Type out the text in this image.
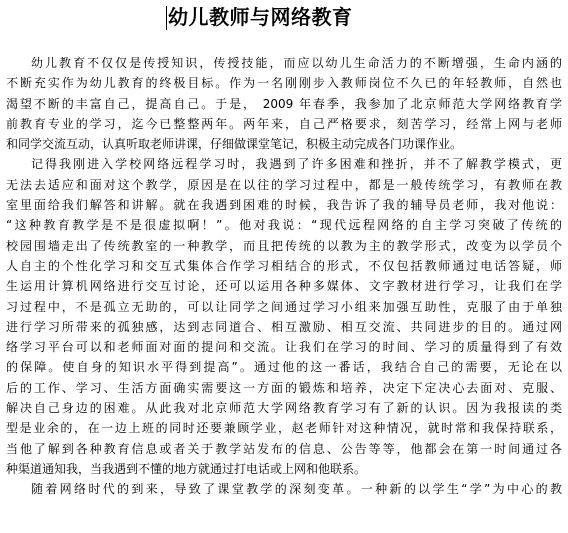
幼儿教师与网络教育
幼儿教育不仅仅是传授知识，传授技能，而应以幼儿生命活力的不断增强，生命内涵的
不断充实作为幼儿教育的终极目标。作为一名刚刚步入教师岗位不久已的年轻教师，自然也
渴望不断的丰富自己，提高自己。于是， 2009 年春季，我参加了北京师范大学网络教育学
前教育专业的学习，迄今已整整两年。两年来，自己严格要求，刻苦学习，经常上网与老师
和同学交流互动，认真听取老师讲课，仔细做课堂笔记，积极主动完成各门功课作业。
记得我刚进入学校网络远程学习时，我遇到了许多困难和挫折，并不了解教学模式，更
无法去适应和面对这个教学，原因是在以往的学习过程中，都是一般传统学习，有教师在教
室里面给我们解答和讲解。就在我遇到困难的时候，我告诉了我的辅导员老师，我对他说：
“这种教育教学是不是很虚拟啊！”。他对我说：“现代远程网络的自主学习突破了传统的
校园围墙走出了传统教室的一种教学，而且把传统的以教为主的教学形式，改变为以学员个
人自主的个性化学习和交互式集体合作学习相结合的形式，不仅包括教师通过电话答疑，师
生运用计算机网络进行交互讨论，还可以运用各种多媒体、文字教材进行学习，让我们在学
习过程中，不是孤立无助的，可以让同学之间通过学习小组来加强互助性，克服了由于单独
进行学习所带来的孤独感，达到志同道合、相互激励、相互交流、共同进步的目的。通过网
络学习平台可以和老师面对面的提问和交流。让我们在学习的时间、学习的质量得到了有效
的保障。使自身的知识水平得到提高”。通过他的这一番话，我结合自己的需要，无论在以
后的工作、学习、生活方面确实需要这一方面的锻炼和培养，决定下定决心去面对、克服、
解决自己身边的困难。从此我对北京师范大学网络教育学习有了新的认识。因为我报读的类
型是业余的，在一边上班的同时还要兼顾学业，赵老师针对这种情况，就时常和我保持联系，
当他了解到各种教育信息或者关于教学站发布的信息、公告等等，他都会在第一时间通过各
种渠道通知我，当我遇到不懂的地方就通过打电话或上网和他联系。
随着网络时代的到来，导致了课堂教学的深刻变革。一种新的以学生“学”为中心的教
